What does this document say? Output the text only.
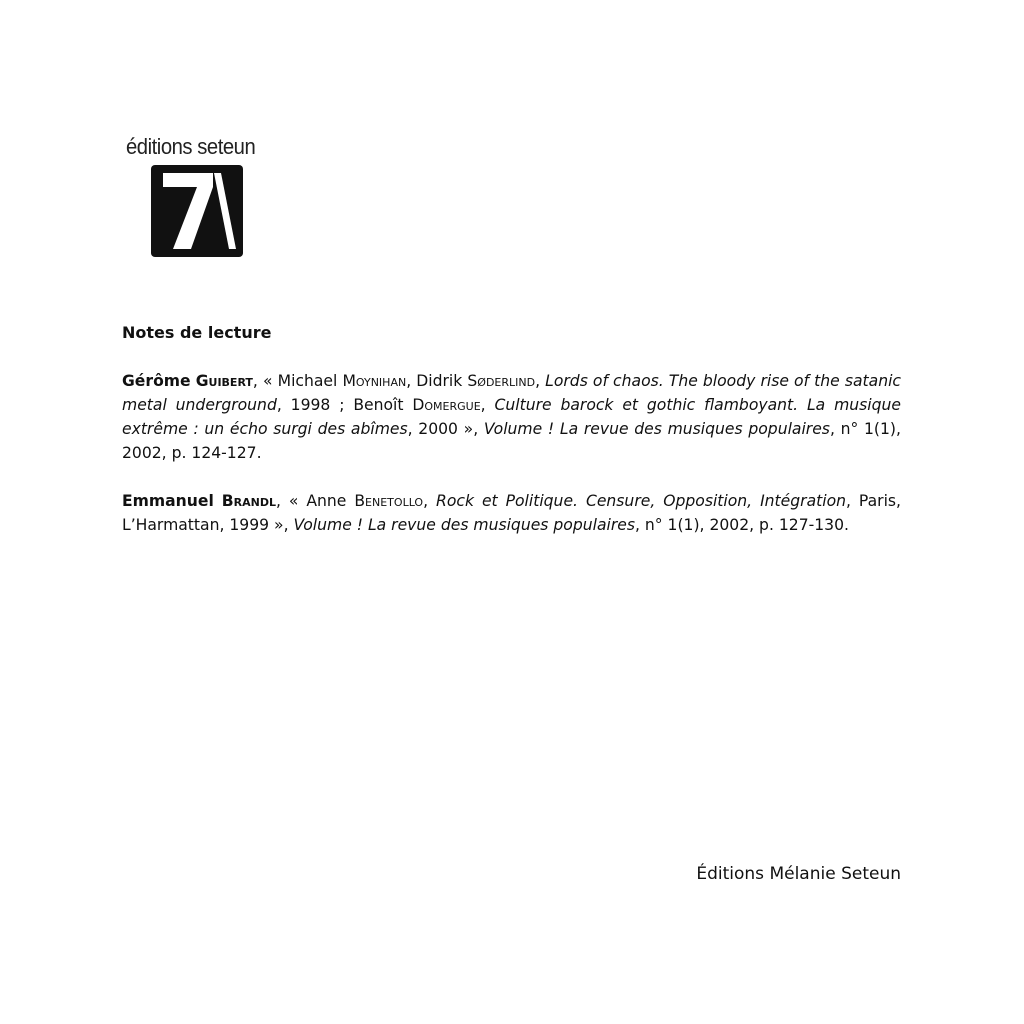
éditions seteun
Notes de lecture

Gérôme Guibert, « Michael Moynihan, Didrik Søderlind, Lords of chaos. The bloody rise of the satanic metal underground, 1998 ; Benoît Domergue, Culture barock et gothic flamboyant. La musique extrême : un écho surgi des abîmes, 2000 », Volume ! La revue des musiques populaires, n° 1(1), 2002, p. 124-127.

Emmanuel Brandl, « Anne Benetollo, Rock et Politique. Censure, Opposition, Intégration, Paris, L’Harmattan, 1999 », Volume ! La revue des musiques populaires, n° 1(1), 2002, p. 127-130.

Éditions Mélanie Seteun
